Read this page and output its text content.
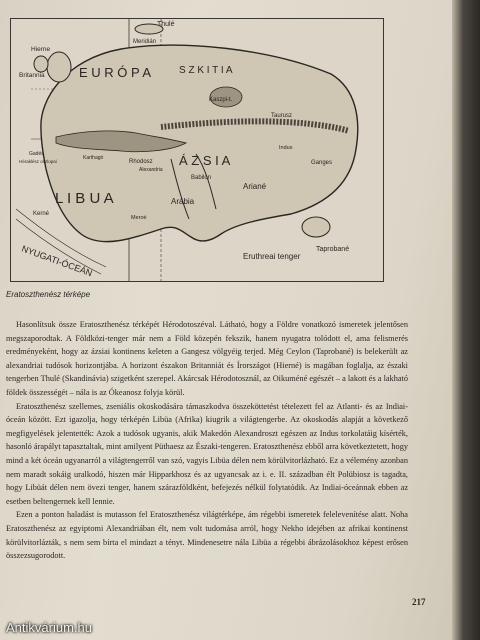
Thulé
Meridián
Hierne
Britannia	E U R Ó P A	S Z K I T I A
Kaszpi-t.
Taurusz
Á Z S I A
L I B U A
Rhodosz
Babilon
Arábia
Ariané
Ganges
Taprobané
Eruthreai tenger
Kerné
NYUGATI-ÓCEÁN
Gadés
Héraklész oszlopai
Indus
Meroé
Karthagó
Alexandria
Eratoszthenész térképe

Hasonlítsuk össze Eratoszthenész térképét Hérodotoszéval. Látható, hogy a Földre vonatkozó ismeretek jelentősen megszaporodtak. A Földközi-tenger már nem a Föld közepén fekszik, hanem nyugatra tolódott el, ama felismerés eredményeként, hogy az ázsiai kontinens keleten a Gangesz völgyéig terjed. Még Ceylon (Taprobané) is belekerült az alexandriai tudósok horizontjába. A horizont északon Britanniát és Írországot (Hierné) is magában foglalja, az északi tengerben Thulé (Skandinávia) szigetként szerepel. Akárcsak Hérodotosznál, az Oikuméné egészét – a lakott és a lakható földek összességét – nála is az Ókeanosz folyja körül.

Eratoszthenész szellemes, zseniális okoskodására támaszkodva összeköttetést tételezett fel az Atlanti- és az Indiai-óceán között. Ezt igazolja, hogy térképén Libüa (Afrika) kiugrik a világtengerbe. Az okoskodás alapját a következő megfigyelések jelentették: Azok a tudósok ugyanis, akik Makedón Alexandroszt egészen az Indus torkolatáig kísérték, hasonló árapályt tapasztaltak, mint amilyent Püthaesz az Északi-tengeren. Eratoszthenész ebből arra következtetett, hogy mind a két óceán ugyanarról a világtengerről van szó, vagyis Libüa délen nem körülvitorlázható. Ez a vélemény azonban nem maradt sokáig uralkodó, hiszen már Hipparkhosz és az ugyancsak az i. e. II. században élt Polübiosz is tagadta, hogy Libüát délen nem övezi tenger, hanem szárazföldként, befejezés nélkül folytatódik. Az Indiai-óceánnak ebben az esetben beltengernek kell lennie.

Ezen a ponton haladást is mutasson fel Eratoszthenész világtérképe, ám régebbi ismeretek felelevenítése alatt. Noha Eratoszthenész az egyiptomi Alexandriában élt, nem volt tudomása arról, hogy Nekho idejében az afrikai kontinenst körülvitorlázták, s nem sem bírta el mindazt a tényt. Mindenesetre nála Libüa a régebbi ábrázolásokhoz képest erősen összezsugorodott.

217
Antikvárium.hu
